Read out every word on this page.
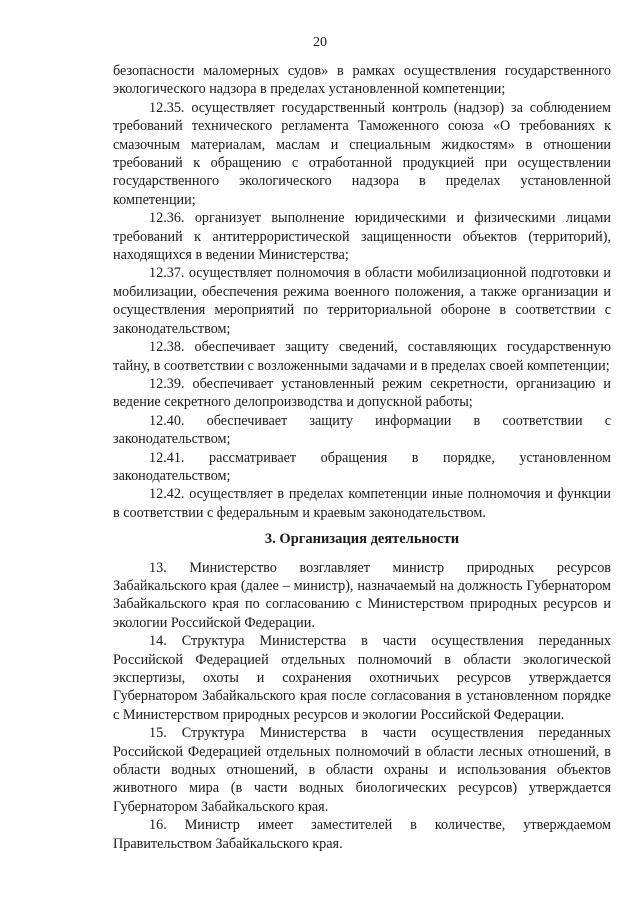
20

безопасности маломерных судов» в рамках осуществления государственного экологического надзора в пределах установленной компетенции;

12.35. осуществляет государственный контроль (надзор) за соблюдением требований технического регламента Таможенного союза «О требованиях к смазочным материалам, маслам и специальным жидкостям» в отношении требований к обращению с отработанной продукцией при осуществлении государственного экологического надзора в пределах установленной компетенции;

12.36. организует выполнение юридическими и физическими лицами требований к антитеррористической защищенности объектов (территорий), находящихся в ведении Министерства;

12.37. осуществляет полномочия в области мобилизационной подготовки и мобилизации, обеспечения режима военного положения, а также организации и осуществления мероприятий по территориальной обороне в соответствии с законодательством;

12.38. обеспечивает защиту сведений, составляющих государственную тайну, в соответствии с возложенными задачами и в пределах своей компетенции;

12.39. обеспечивает установленный режим секретности, организацию и ведение секретного делопроизводства и допускной работы;

12.40. обеспечивает защиту информации в соответствии с законодательством;

12.41. рассматривает обращения в порядке, установленном законодательством;

12.42. осуществляет в пределах компетенции иные полномочия и функции в соответствии с федеральным и краевым законодательством.

3. Организация деятельности

13. Министерство возглавляет министр природных ресурсов Забайкальского края (далее – министр), назначаемый на должность Губернатором Забайкальского края по согласованию с Министерством природных ресурсов и экологии Российской Федерации.

14. Структура Министерства в части осуществления переданных Российской Федерацией отдельных полномочий в области экологической экспертизы, охоты и сохранения охотничьих ресурсов утверждается Губернатором Забайкальского края после согласования в установленном порядке с Министерством природных ресурсов и экологии Российской Федерации.

15. Структура Министерства в части осуществления переданных Российской Федерацией отдельных полномочий в области лесных отношений, в области водных отношений, в области охраны и использования объектов животного мира (в части водных биологических ресурсов) утверждается Губернатором Забайкальского края.

16. Министр имеет заместителей в количестве, утверждаемом Правительством Забайкальского края.
